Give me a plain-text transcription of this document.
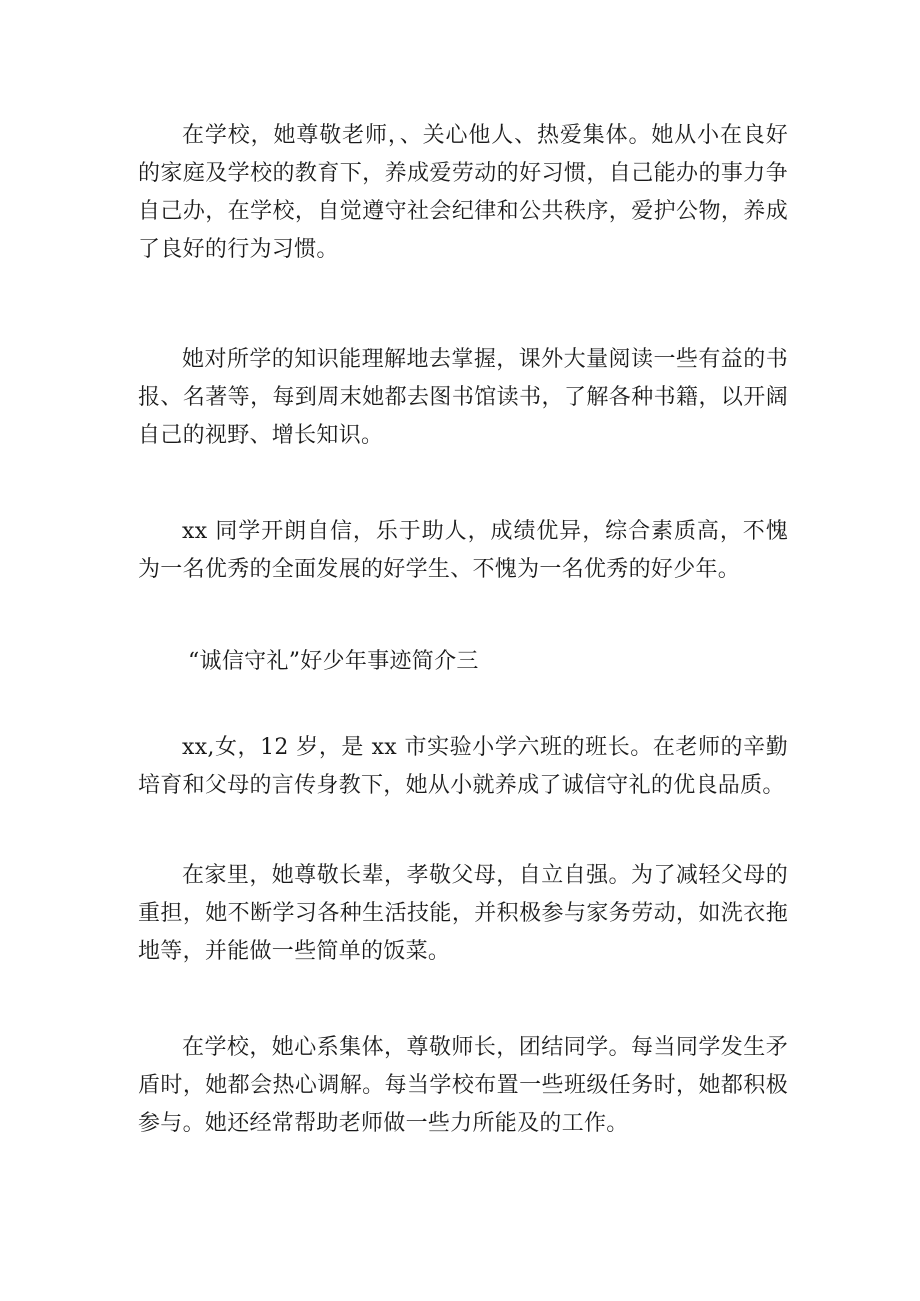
在学校，她尊敬老师，、关心他人、热爱集体。她从小在良好的家庭及学校的教育下，养成爱劳动的好习惯，自己能办的事力争自己办，在学校，自觉遵守社会纪律和公共秩序，爱护公物，养成了良好的行为习惯。

她对所学的知识能理解地去掌握，课外大量阅读一些有益的书报、名著等，每到周末她都去图书馆读书，了解各种书籍，以开阔自己的视野、增长知识。

xx 同学开朗自信，乐于助人，成绩优异，综合素质高，不愧为一名优秀的全面发展的好学生、不愧为一名优秀的好少年。

“诚信守礼”好少年事迹简介三

xx,女，12 岁，是 xx 市实验小学六班的班长。在老师的辛勤培育和父母的言传身教下，她从小就养成了诚信守礼的优良品质。

在家里，她尊敬长辈，孝敬父母，自立自强。为了减轻父母的重担，她不断学习各种生活技能，并积极参与家务劳动，如洗衣拖地等，并能做一些简单的饭菜。

在学校，她心系集体，尊敬师长，团结同学。每当同学发生矛盾时，她都会热心调解。每当学校布置一些班级任务时，她都积极参与。她还经常帮助老师做一些力所能及的工作。
